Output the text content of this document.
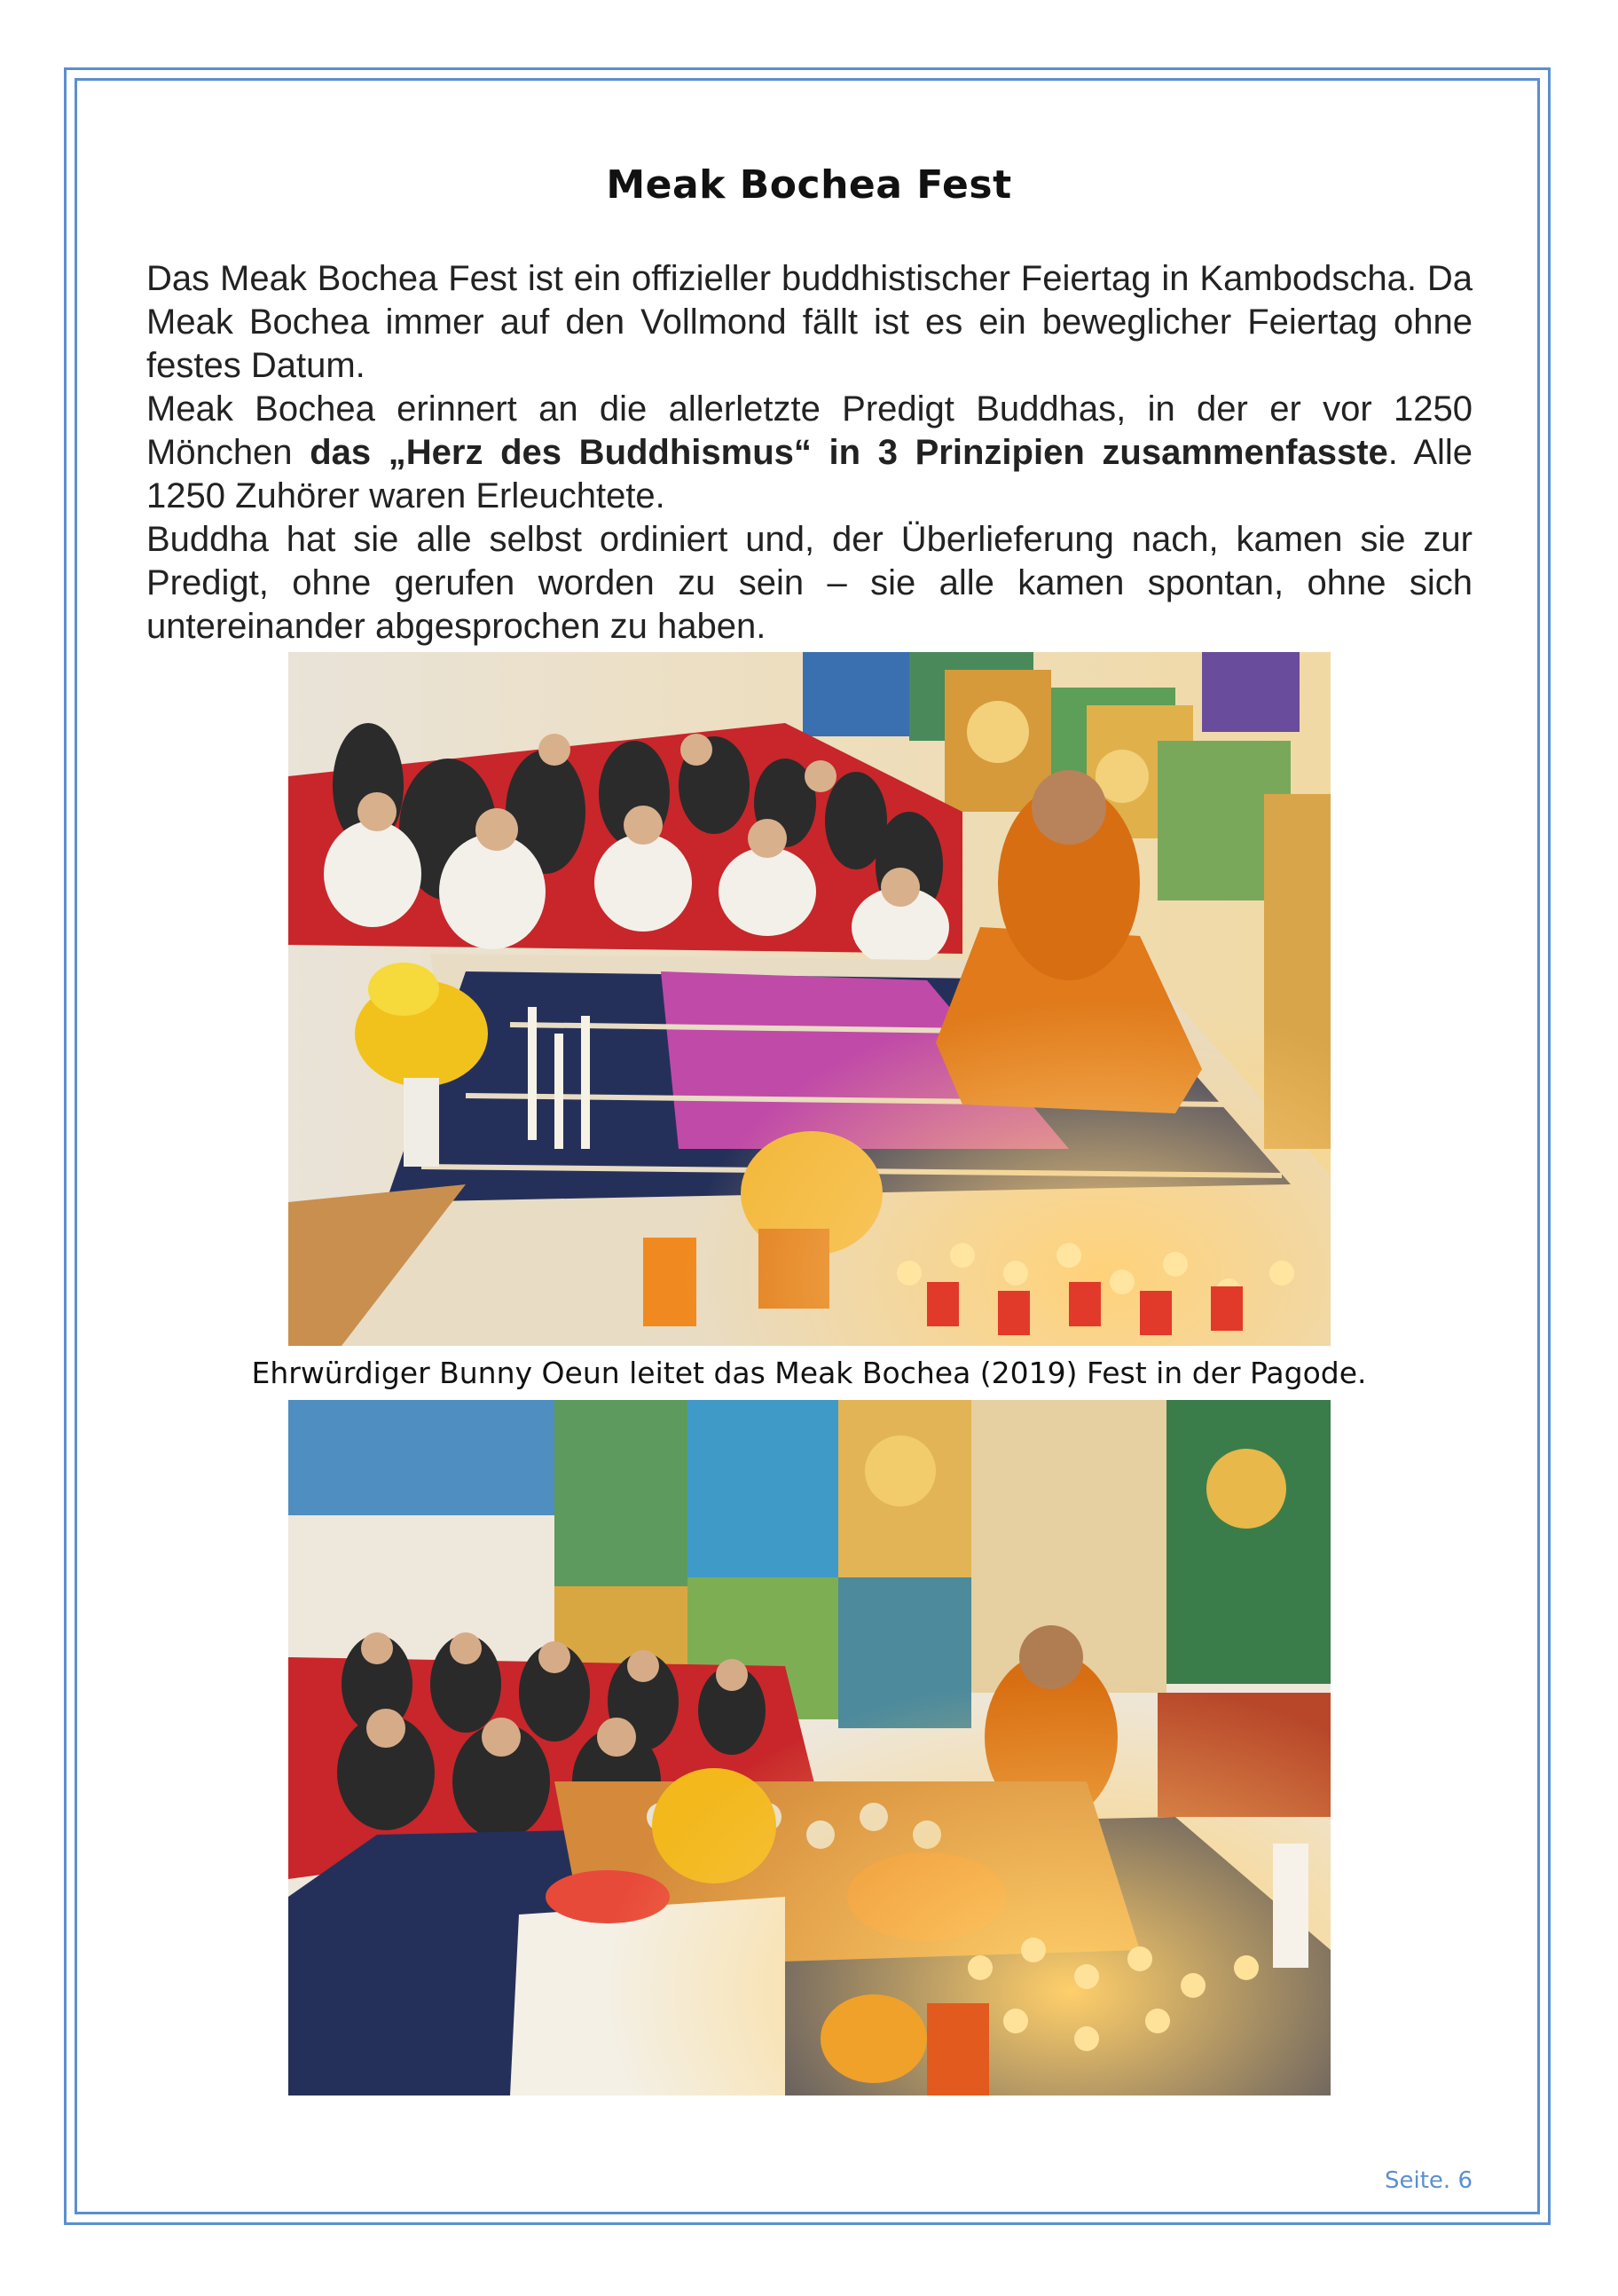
Meak Bochea Fest

Das Meak Bochea Fest ist ein offizieller buddhistischer Feiertag in Kambodscha. Da Meak Bochea immer auf den Vollmond fällt ist es ein beweglicher Feiertag ohne festes Datum.

Meak Bochea erinnert an die allerletzte Predigt Buddhas, in der er vor 1250 Mönchen das „Herz des Buddhismus“ in 3 Prinzipien zusammenfasste. Alle 1250 Zuhörer waren Erleuchtete.

Buddha hat sie alle selbst ordiniert und, der Überlieferung nach, kamen sie zur Predigt, ohne gerufen worden zu sein – sie alle kamen spontan, ohne sich untereinander abgesprochen zu haben.

Ehrwürdiger Bunny Oeun leitet das Meak Bochea (2019) Fest in der Pagode.
Seite. 6
